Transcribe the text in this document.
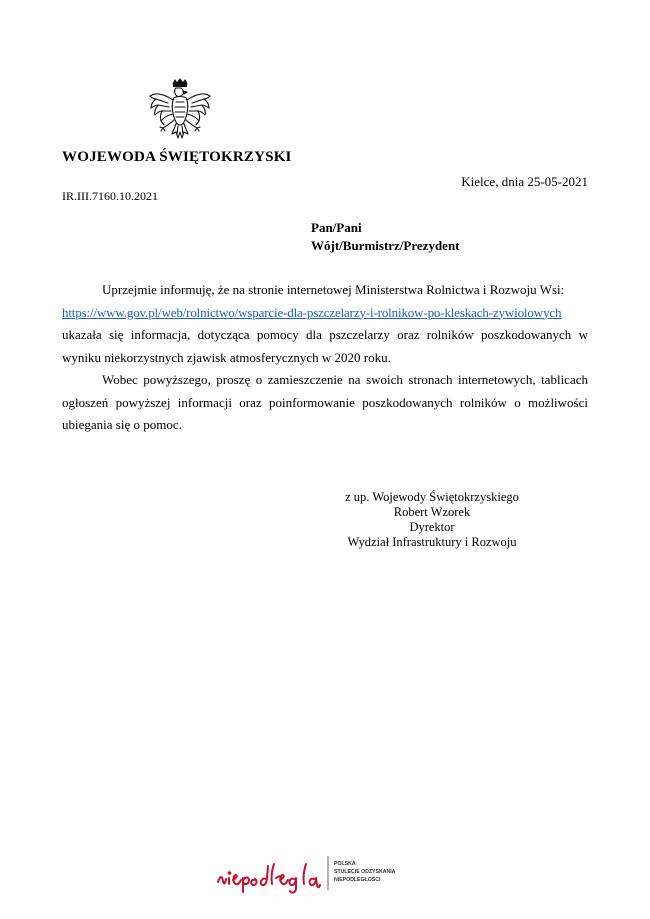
WOJEWODA ŚWIĘTOKRZYSKI
Kielce, dnia 25-05-2021
IR.III.7160.10.2021
Pan/Pani
Wójt/Burmistrz/Prezydent

Uprzejmie informuję, że na stronie internetowej Ministerstwa Rolnictwa i Rozwoju Wsi:

https://www.gov.pl/web/rolnictwo/wsparcie-dla-pszczelarzy-i-rolnikow-po-kleskach-zywiolowych

ukazała się informacja, dotycząca pomocy dla pszczelarzy oraz rolników poszkodowanych w wyniku niekorzystnych zjawisk atmosferycznych w 2020 roku.

Wobec powyższego, proszę o zamieszczenie na swoich stronach internetowych, tablicach ogłoszeń powyższej informacji oraz poinformowanie poszkodowanych rolników o możliwości ubiegania się o pomoc.

z up. Wojewody Świętokrzyskiego
Robert Wzorek
Dyrektor
Wydział Infrastruktury i Rozwoju
POLSKA
STULECIE ODZYSKANIA
NIEPODLEGŁOŚCI
